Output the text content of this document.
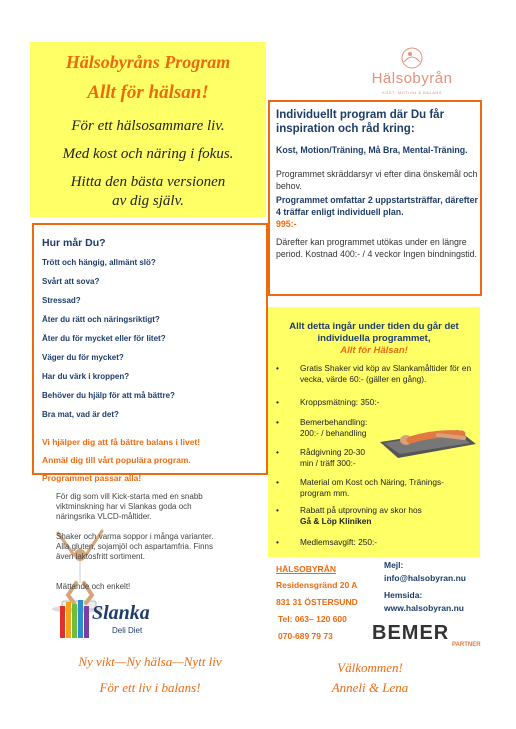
Hälsobyråns Program
Allt för hälsan!
För ett hälsosammare liv.
Med kost och näring i fokus.
Hitta den bästa versionen
av dig själv.
Hälsobyrån
KOST, MOTION & BALANS
Individuellt program där Du får inspiration och råd kring:
Kost, Motion/Träning, Må Bra, Mental-Träning.
Programmet skräddarsyr vi efter dina önskemål och behov.
Programmet omfattar 2 uppstartsträffar, därefter 4 träffar enligt individuell plan.
995:-
Därefter kan programmet utökas under en längre period. Kostnad 400:- / 4 veckor Ingen bindningstid.
Hur mår Du?
Trött och hängig, allmänt slö?
Svårt att sova?
Stressad?
Äter du rätt och näringsriktigt?
Äter du för mycket eller för litet?
Väger du för mycket?
Har du värk i kroppen?
Behöver du hjälp för att må bättre?
Bra mat, vad är det?
Vi hjälper dig att få bättre balans i livet!
Anmäl dig till vårt populära program.
Programmet passar alla!
Allt detta ingår under tiden du går det individuella programmet,
Allt för Hälsan!
•	Gratis Shaker vid köp av Slankamåltider för en vecka, värde 60:- (gäller en gång).
•	Kroppsmätning: 350:-
•	Bemerbehandling: 200:- / behandling
•	Rådgivning 20-30 min / träff 300:-
•	Material om Kost och Näring, Tränings-program mm.
•	Rabatt på utprovning av skor hos
Gå & Löp Kliniken
•	Medlemsavgift: 250:-
För dig som vill Kick-starta med en snabb viktminskning har vi Slankas goda och näringsrika VLCD-måltider.
Shaker och varma soppor i många varianter. Alla gluten, sojamjöl och aspartamfria. Finns även laktosfritt sortiment.
Mättande och enkelt!
Slanka
Deli Diet
Ny vikt—Ny hälsa—Nytt liv
För ett liv i balans!
HÄLSOBYRÅN
Residensgränd 20 A
831 31 ÖSTERSUND
Tel: 063– 120 600
070-689 79 73
Mejl:
info@halsobyran.nu
Hemsida:
www.halsobyran.nu
BEMER
PARTNER
Välkommen!
Anneli & Lena
